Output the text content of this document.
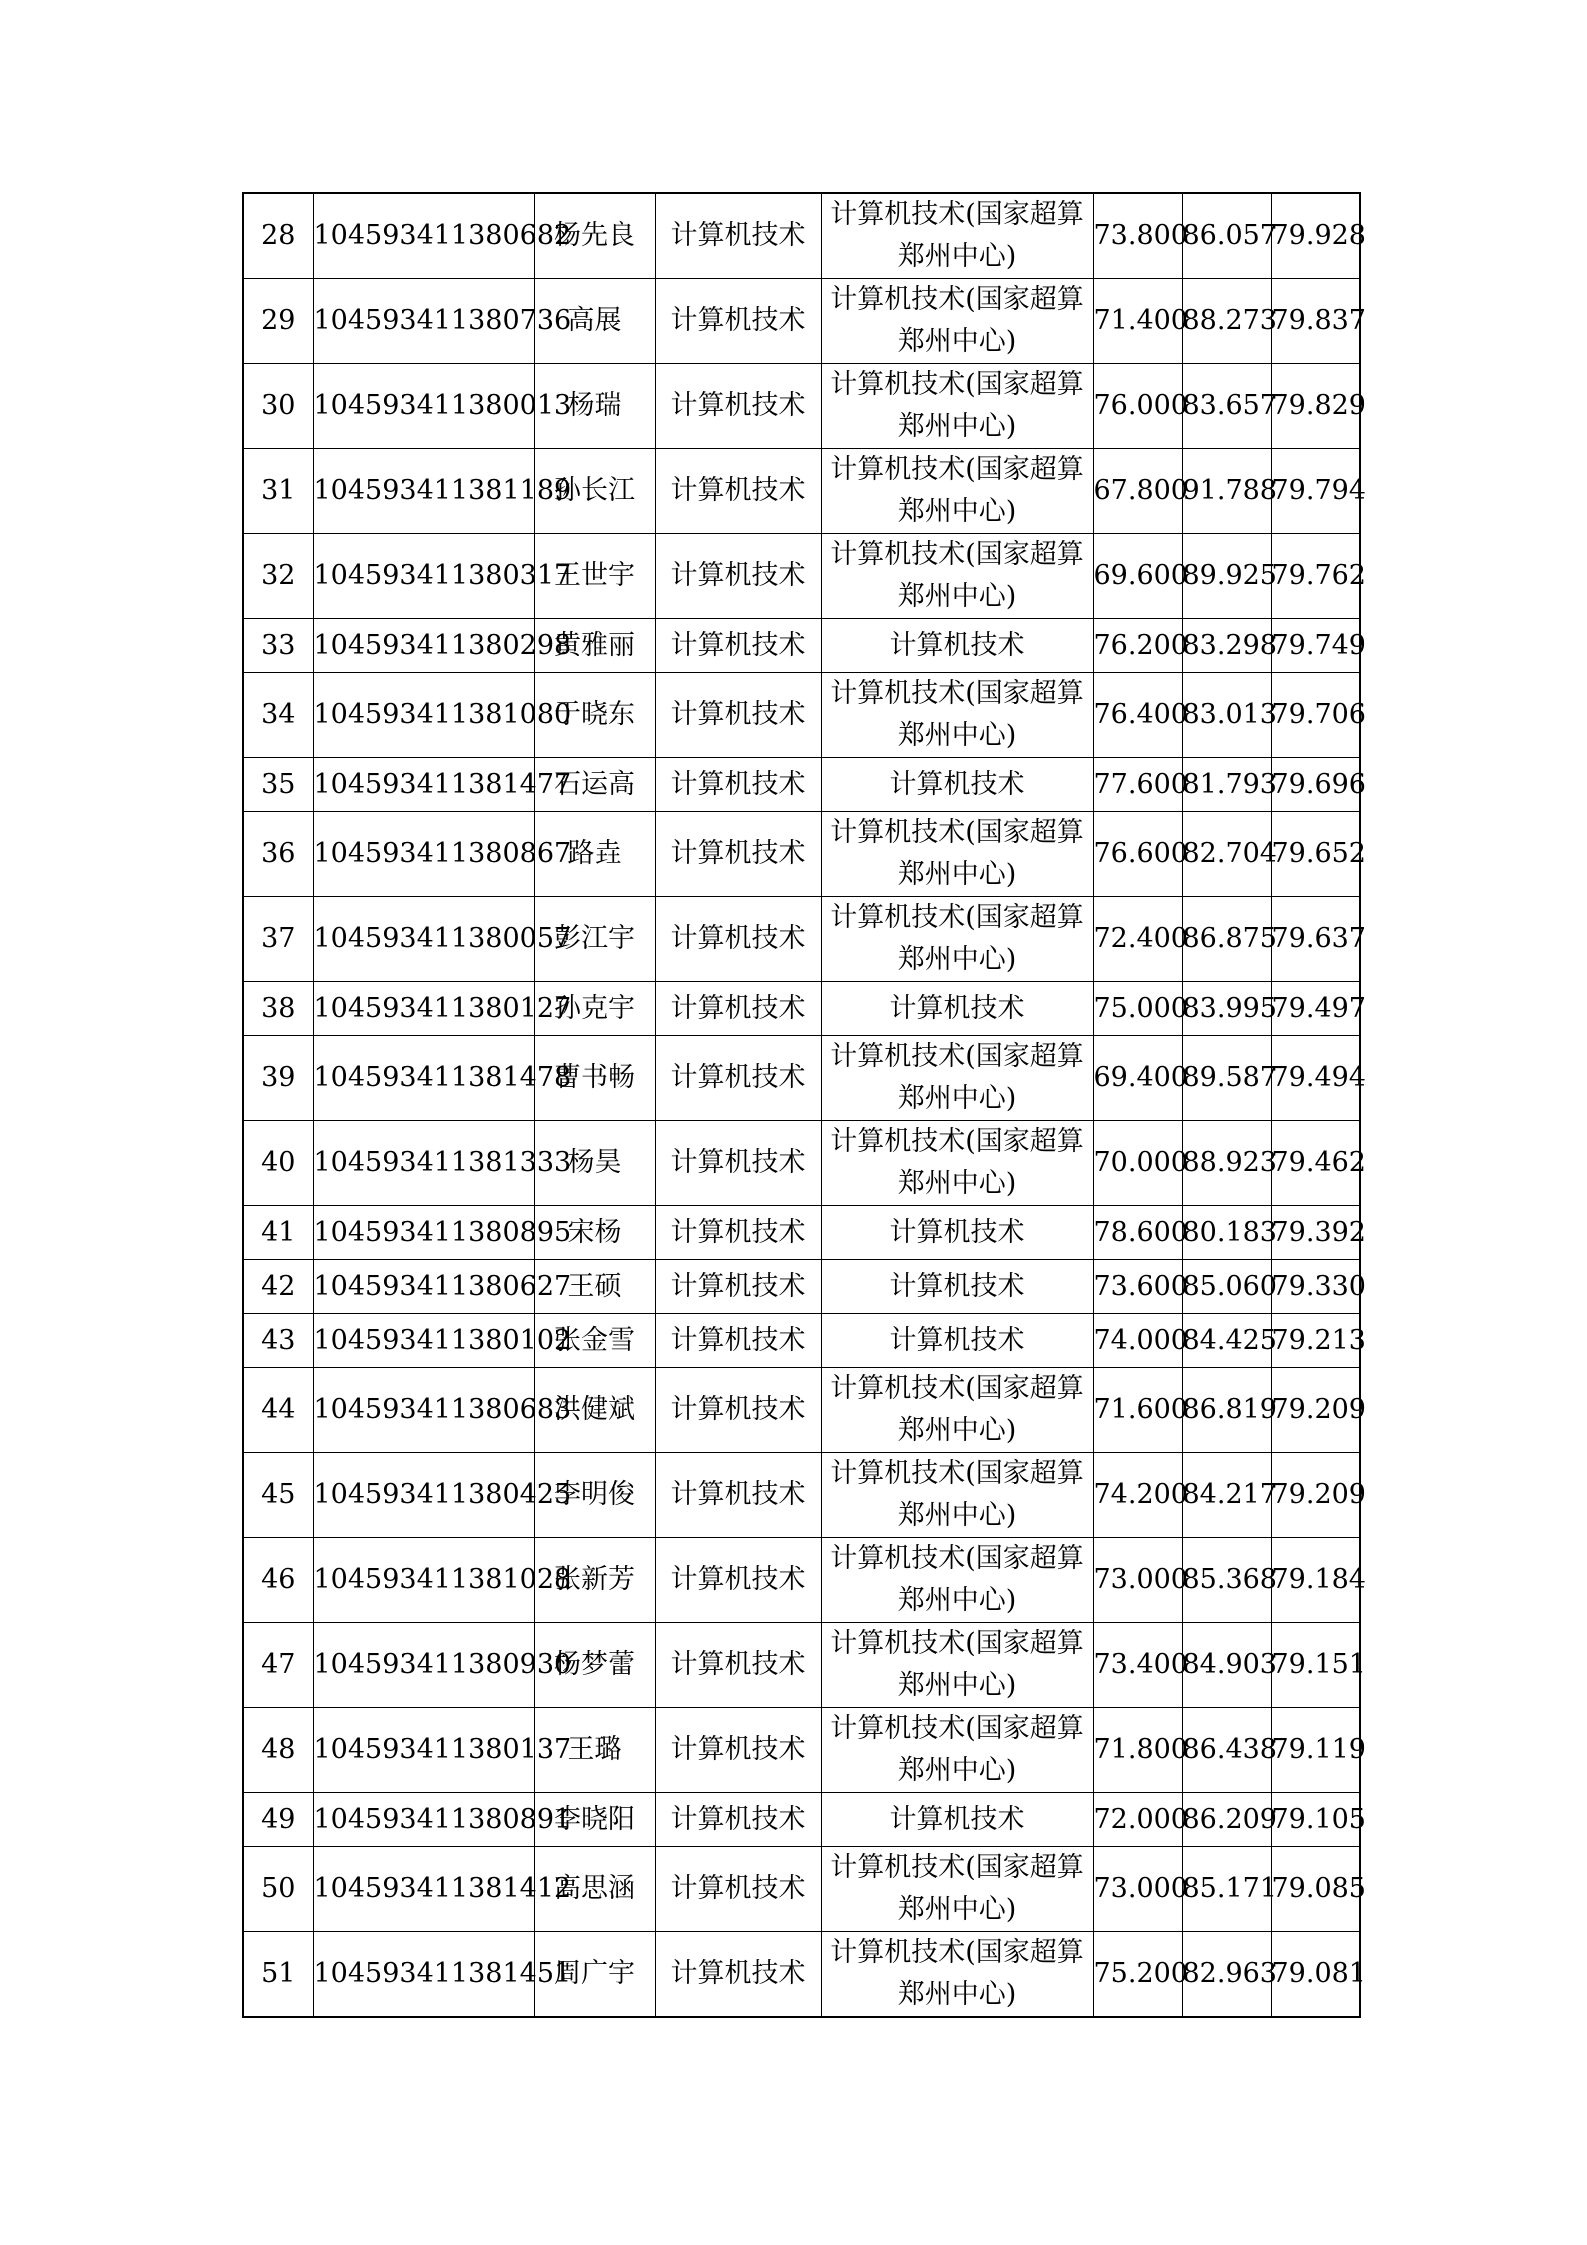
28	104593411380682	杨先良	计算机技术	计算机技术(国家超算郑州中心)	73.800	86.057	79.928
29	104593411380736	高展	计算机技术	计算机技术(国家超算郑州中心)	71.400	88.273	79.837
30	104593411380013	杨瑞	计算机技术	计算机技术(国家超算郑州中心)	76.000	83.657	79.829
31	104593411381189	孙长江	计算机技术	计算机技术(国家超算郑州中心)	67.800	91.788	79.794
32	104593411380317	王世宇	计算机技术	计算机技术(国家超算郑州中心)	69.600	89.925	79.762
33	104593411380298	黄雅丽	计算机技术	计算机技术	76.200	83.298	79.749
34	104593411381080	于晓东	计算机技术	计算机技术(国家超算郑州中心)	76.400	83.013	79.706
35	104593411381477	石运高	计算机技术	计算机技术	77.600	81.793	79.696
36	104593411380867	路垚	计算机技术	计算机技术(国家超算郑州中心)	76.600	82.704	79.652
37	104593411380057	彭江宇	计算机技术	计算机技术(国家超算郑州中心)	72.400	86.875	79.637
38	104593411380127	孙克宇	计算机技术	计算机技术	75.000	83.995	79.497
39	104593411381478	曹书畅	计算机技术	计算机技术(国家超算郑州中心)	69.400	89.587	79.494
40	104593411381333	杨昊	计算机技术	计算机技术(国家超算郑州中心)	70.000	88.923	79.462
41	104593411380895	宋杨	计算机技术	计算机技术	78.600	80.183	79.392
42	104593411380627	王硕	计算机技术	计算机技术	73.600	85.060	79.330
43	104593411380102	张金雪	计算机技术	计算机技术	74.000	84.425	79.213
44	104593411380683	洪健斌	计算机技术	计算机技术(国家超算郑州中心)	71.600	86.819	79.209
45	104593411380425	李明俊	计算机技术	计算机技术(国家超算郑州中心)	74.200	84.217	79.209
46	104593411381028	张新芳	计算机技术	计算机技术(国家超算郑州中心)	73.000	85.368	79.184
47	104593411380930	杨梦蕾	计算机技术	计算机技术(国家超算郑州中心)	73.400	84.903	79.151
48	104593411380137	王璐	计算机技术	计算机技术(国家超算郑州中心)	71.800	86.438	79.119
49	104593411380891	李晓阳	计算机技术	计算机技术	72.000	86.209	79.105
50	104593411381412	高思涵	计算机技术	计算机技术(国家超算郑州中心)	73.000	85.171	79.085
51	104593411381451	周广宇	计算机技术	计算机技术(国家超算郑州中心)	75.200	82.963	79.081
